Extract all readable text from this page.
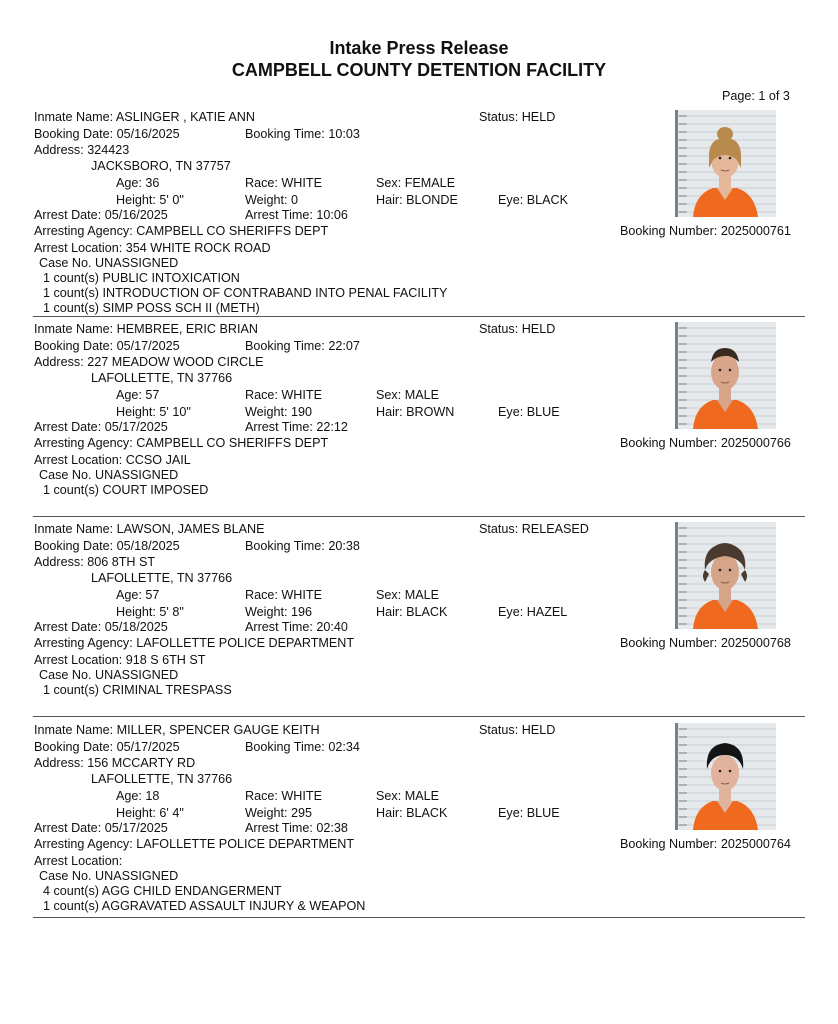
Intake Press Release
CAMPBELL COUNTY DETENTION FACILITY
Page: 1 of 3
Inmate Name: ASLINGER , KATIE ANN	Status: HELD
Booking Date: 05/16/2025	Booking Time: 10:03
Address: 324423
Age: 36	Race: WHITE	Sex: FEMALE
Height: 5' 0"	Weight: 0	Hair: BLONDE	Eye: BLACK
Arrest Date: 05/16/2025	Arrest Time: 10:06
Arresting Agency: CAMPBELL CO SHERIFFS DEPT	Booking Number: 2025000761
Arrest Location: 354 WHITE ROCK ROAD
Case No. UNASSIGNED
JACKSBORO, TN 37757
1 count(s) PUBLIC INTOXICATION
1 count(s) INTRODUCTION OF CONTRABAND INTO PENAL FACILITY
1 count(s) SIMP POSS SCH II (METH)
Inmate Name: HEMBREE, ERIC BRIAN	Status: HELD
Booking Date: 05/17/2025	Booking Time: 22:07
Address: 227 MEADOW WOOD CIRCLE
Age: 57	Race: WHITE	Sex: MALE
Height: 5' 10"	Weight: 190	Hair: BROWN	Eye: BLUE
Arrest Date: 05/17/2025	Arrest Time: 22:12
Arresting Agency: CAMPBELL CO SHERIFFS DEPT	Booking Number: 2025000766
Arrest Location: CCSO JAIL
Case No. UNASSIGNED
LAFOLLETTE, TN 37766
1 count(s) COURT IMPOSED
Inmate Name: LAWSON, JAMES BLANE	Status: RELEASED
Booking Date: 05/18/2025	Booking Time: 20:38
Address: 806 8TH ST
Age: 57	Race: WHITE	Sex: MALE
Height: 5' 8"	Weight: 196	Hair: BLACK	Eye: HAZEL
Arrest Date: 05/18/2025	Arrest Time: 20:40
Arresting Agency: LAFOLLETTE POLICE DEPARTMENT	Booking Number: 2025000768
Arrest Location: 918 S 6TH ST
Case No. UNASSIGNED
LAFOLLETTE, TN 37766
1 count(s) CRIMINAL TRESPASS
Inmate Name: MILLER, SPENCER GAUGE KEITH	Status: HELD
Booking Date: 05/17/2025	Booking Time: 02:34
Address: 156 MCCARTY RD
Age: 18	Race: WHITE	Sex: MALE
Height: 6' 4"	Weight: 295	Hair: BLACK	Eye: BLUE
Arrest Date: 05/17/2025	Arrest Time: 02:38
Arresting Agency: LAFOLLETTE POLICE DEPARTMENT	Booking Number: 2025000764
Arrest Location:
Case No. UNASSIGNED
LAFOLLETTE, TN 37766
4 count(s) AGG CHILD ENDANGERMENT
1 count(s) AGGRAVATED ASSAULT INJURY & WEAPON
